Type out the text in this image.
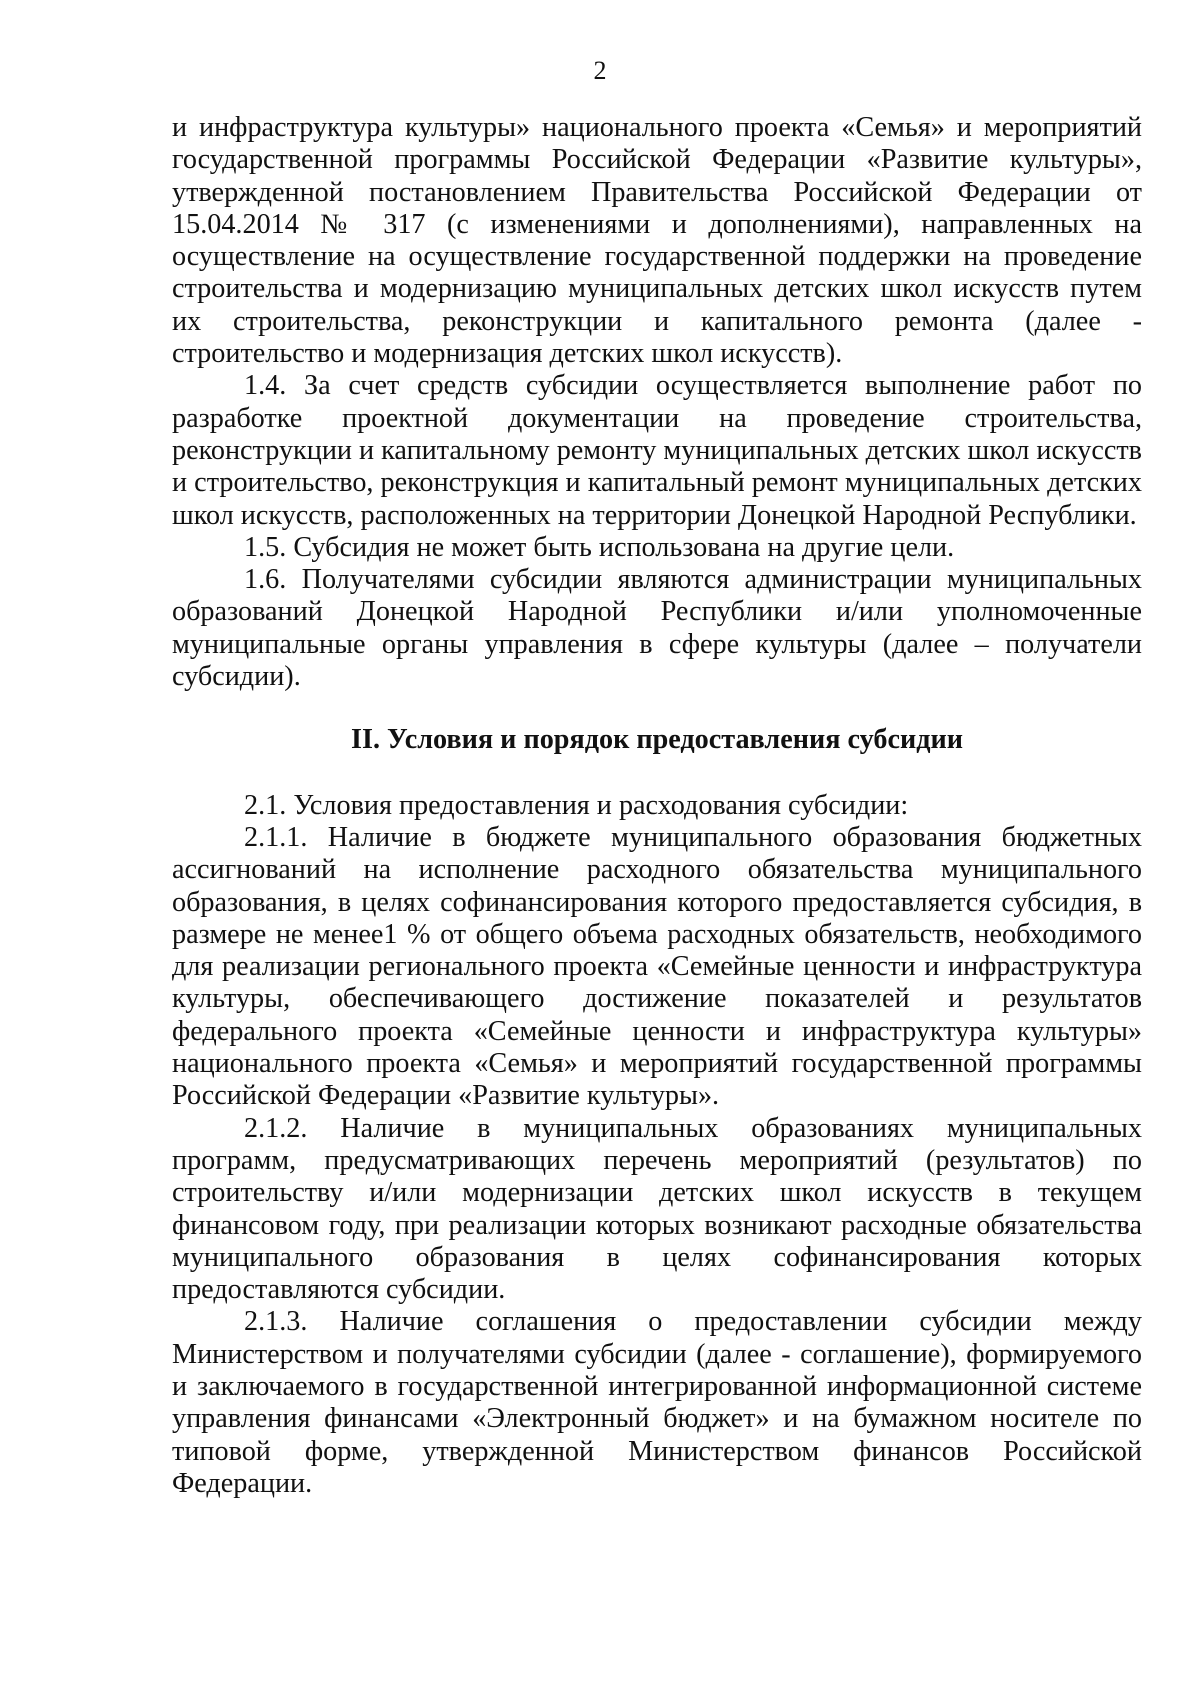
2

и инфраструктура культуры» национального проекта «Семья» и мероприятий государственной программы Российской Федерации «Развитие культуры», утвержденной постановлением Правительства Российской Федерации от 15.04.2014 № 317 (с изменениями и дополнениями), направленных на осуществление на осуществление государственной поддержки на проведение строительства и модернизацию муниципальных детских школ искусств путем их строительства, реконструкции и капитального ремонта (далее - строительство и модернизация детских школ искусств).

1.4. За счет средств субсидии осуществляется выполнение работ по разработке проектной документации на проведение строительства, реконструкции и капитальному ремонту муниципальных детских школ искусств и строительство, реконструкция и капитальный ремонт муниципальных детских школ искусств, расположенных на территории Донецкой Народной Республики.

1.5. Субсидия не может быть использована на другие цели.

1.6. Получателями субсидии являются администрации муниципальных образований Донецкой Народной Республики и/или уполномоченные муниципальные органы управления в сфере культуры (далее – получатели субсидии).

II. Условия и порядок предоставления субсидии

2.1. Условия предоставления и расходования субсидии:

2.1.1. Наличие в бюджете муниципального образования бюджетных ассигнований на исполнение расходного обязательства муниципального образования, в целях софинансирования которого предоставляется субсидия, в размере не менее1 % от общего объема расходных обязательств, необходимого для реализации регионального проекта «Семейные ценности и инфраструктура культуры, обеспечивающего достижение показателей и результатов федерального проекта «Семейные ценности и инфраструктура культуры» национального проекта «Семья» и мероприятий государственной программы Российской Федерации «Развитие культуры».

2.1.2. Наличие в муниципальных образованиях муниципальных программ, предусматривающих перечень мероприятий (результатов) по строительству и/или модернизации детских школ искусств в текущем финансовом году, при реализации которых возникают расходные обязательства муниципального образования в целях софинансирования которых предоставляются субсидии.

2.1.3. Наличие соглашения о предоставлении субсидии между Министерством и получателями субсидии (далее - соглашение), формируемого и заключаемого в государственной интегрированной информационной системе управления финансами «Электронный бюджет» и на бумажном носителе по типовой форме, утвержденной Министерством финансов Российской Федерации.
